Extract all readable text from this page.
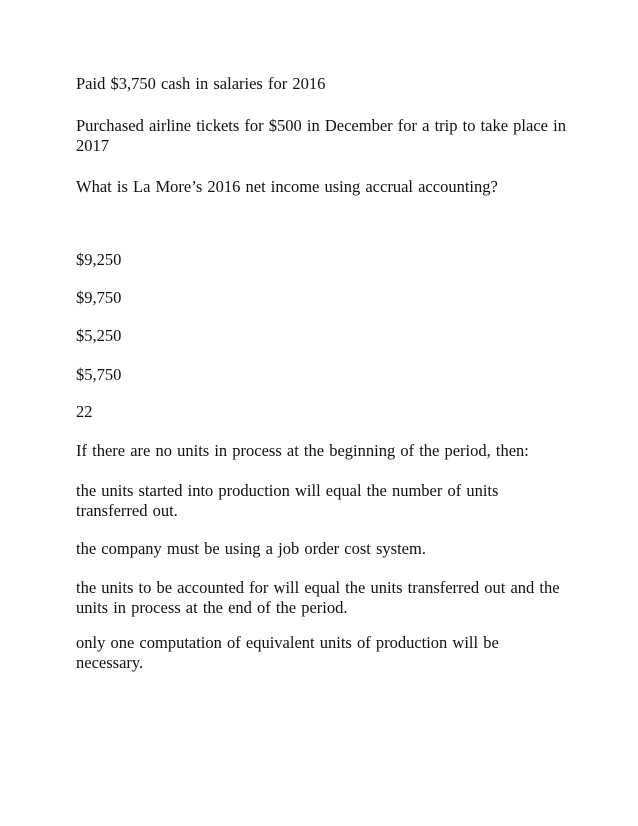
Paid $3,750 cash in salaries for 2016

Purchased airline tickets for $500 in December for a trip to take place in 2017

What is La More’s 2016 net income using accrual accounting?

$9,250

$9,750

$5,250

$5,750

22

If there are no units in process at the beginning of the period, then:

the units started into production will equal the number of units transferred out.

the company must be using a job order cost system.

the units to be accounted for will equal the units transferred out and the units in process at the end of the period.

only one computation of equivalent units of production will be necessary.
